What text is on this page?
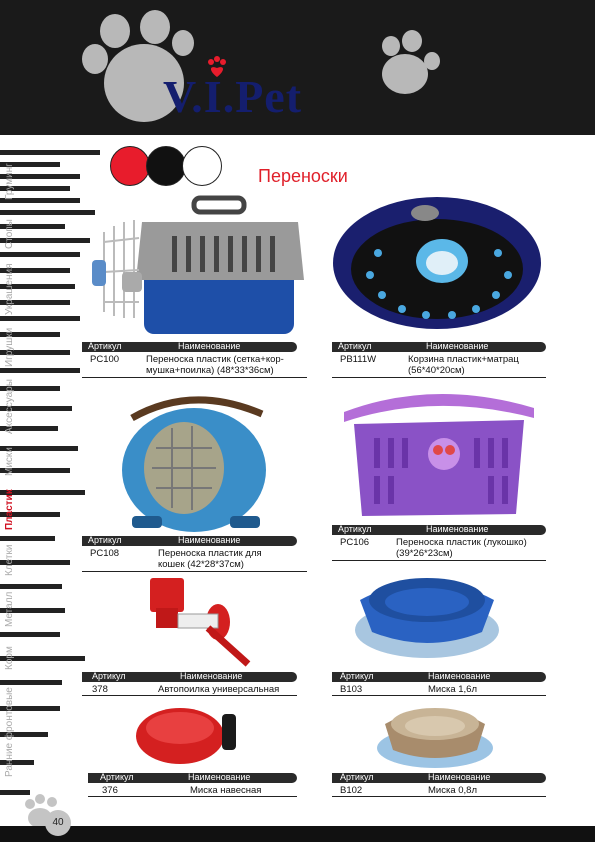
V.I.Pet
Груминг
Стопы
Украшения
Игрушки
Аксессуары
Миски
Пластик
Клетки
Металл
Корм
Ранние фронтовые
Переноски
Артикул	Наименование
PC100	Переноска пластик (сетка+кор-
мушка+поилка) (48*33*36см)
Артикул	Наименование
PB111W	Корзина пластик+матрац
(56*40*20см)
Артикул	Наименование
PC108	Переноска пластик для
кошек (42*28*37см)
Артикул	Наименование
PC106	Переноска пластик (лукошко)
(39*26*23см)
Артикул	Наименование
378	Автопоилка универсальная
Артикул	Наименование
B103	Миска 1,6л
Артикул	Наименование
376	Миска навесная
Артикул	Наименование
B102	Миска 0,8л
40
